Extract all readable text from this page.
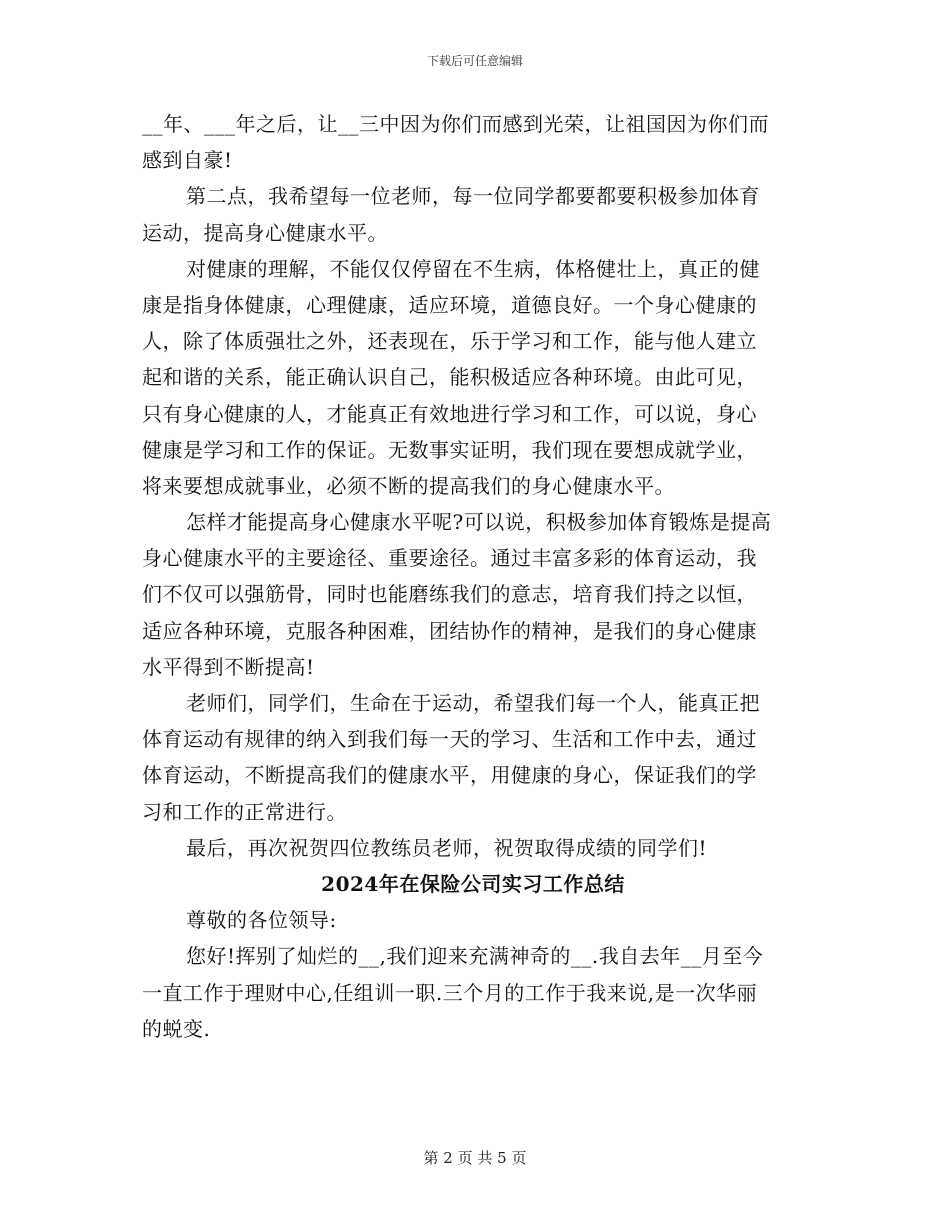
下载后可任意编辑
__年、___年之后，让__三中因为你们而感到光荣，让祖国因为你们而
感到自豪!
第二点，我希望每一位老师，每一位同学都要都要积极参加体育
运动，提高身心健康水平。
对健康的理解，不能仅仅停留在不生病，体格健壮上，真正的健
康是指身体健康，心理健康，适应环境，道德良好。一个身心健康的
人，除了体质强壮之外，还表现在，乐于学习和工作，能与他人建立
起和谐的关系，能正确认识自己，能积极适应各种环境。由此可见，
只有身心健康的人，才能真正有效地进行学习和工作，可以说，身心
健康是学习和工作的保证。无数事实证明，我们现在要想成就学业，
将来要想成就事业，必须不断的提高我们的身心健康水平。
怎样才能提高身心健康水平呢?可以说，积极参加体育锻炼是提高
身心健康水平的主要途径、重要途径。通过丰富多彩的体育运动，我
们不仅可以强筋骨，同时也能磨练我们的意志，培育我们持之以恒，
适应各种环境，克服各种困难，团结协作的精神，是我们的身心健康
水平得到不断提高!
老师们，同学们，生命在于运动，希望我们每一个人，能真正把
体育运动有规律的纳入到我们每一天的学习、生活和工作中去，通过
体育运动，不断提高我们的健康水平，用健康的身心，保证我们的学
习和工作的正常进行。
最后，再次祝贺四位教练员老师，祝贺取得成绩的同学们!
2024年在保险公司实习工作总结
尊敬的各位领导:
您好!挥别了灿烂的__,我们迎来充满神奇的__.我自去年__月至今
一直工作于理财中心,任组训一职.三个月的工作于我来说,是一次华丽
的蜕变.
第 2 页 共 5 页
